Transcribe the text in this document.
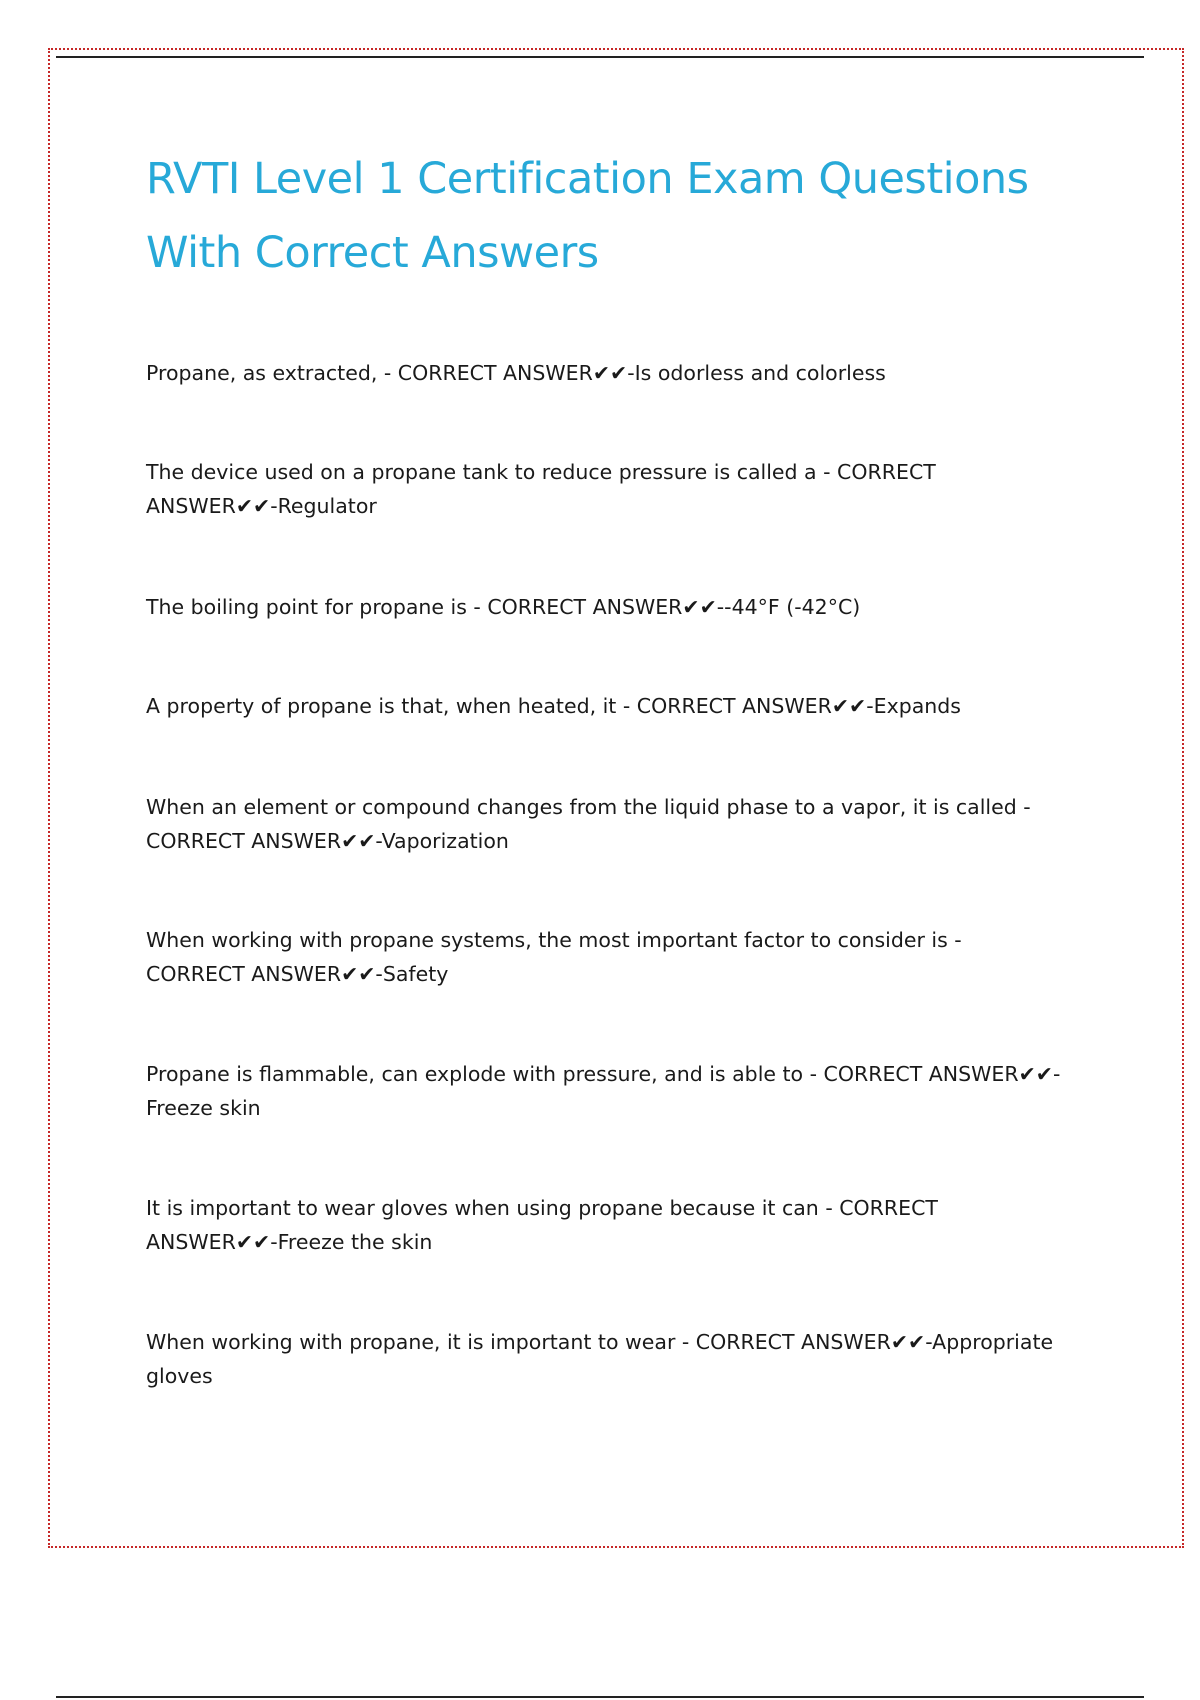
RVTI Level 1 Certification Exam Questions With Correct Answers
Propane, as extracted, - CORRECT ANSWER✔✔-Is odorless and colorless
The device used on a propane tank to reduce pressure is called a - CORRECT ANSWER✔✔-Regulator
The boiling point for propane is - CORRECT ANSWER✔✔--44°F (-42°C)
A property of propane is that, when heated, it - CORRECT ANSWER✔✔-Expands
When an element or compound changes from the liquid phase to a vapor, it is called - CORRECT ANSWER✔✔-Vaporization
When working with propane systems, the most important factor to consider is - CORRECT ANSWER✔✔-Safety
Propane is flammable, can explode with pressure, and is able to - CORRECT ANSWER✔✔-Freeze skin
It is important to wear gloves when using propane because it can - CORRECT ANSWER✔✔-Freeze the skin
When working with propane, it is important to wear - CORRECT ANSWER✔✔-Appropriate gloves
